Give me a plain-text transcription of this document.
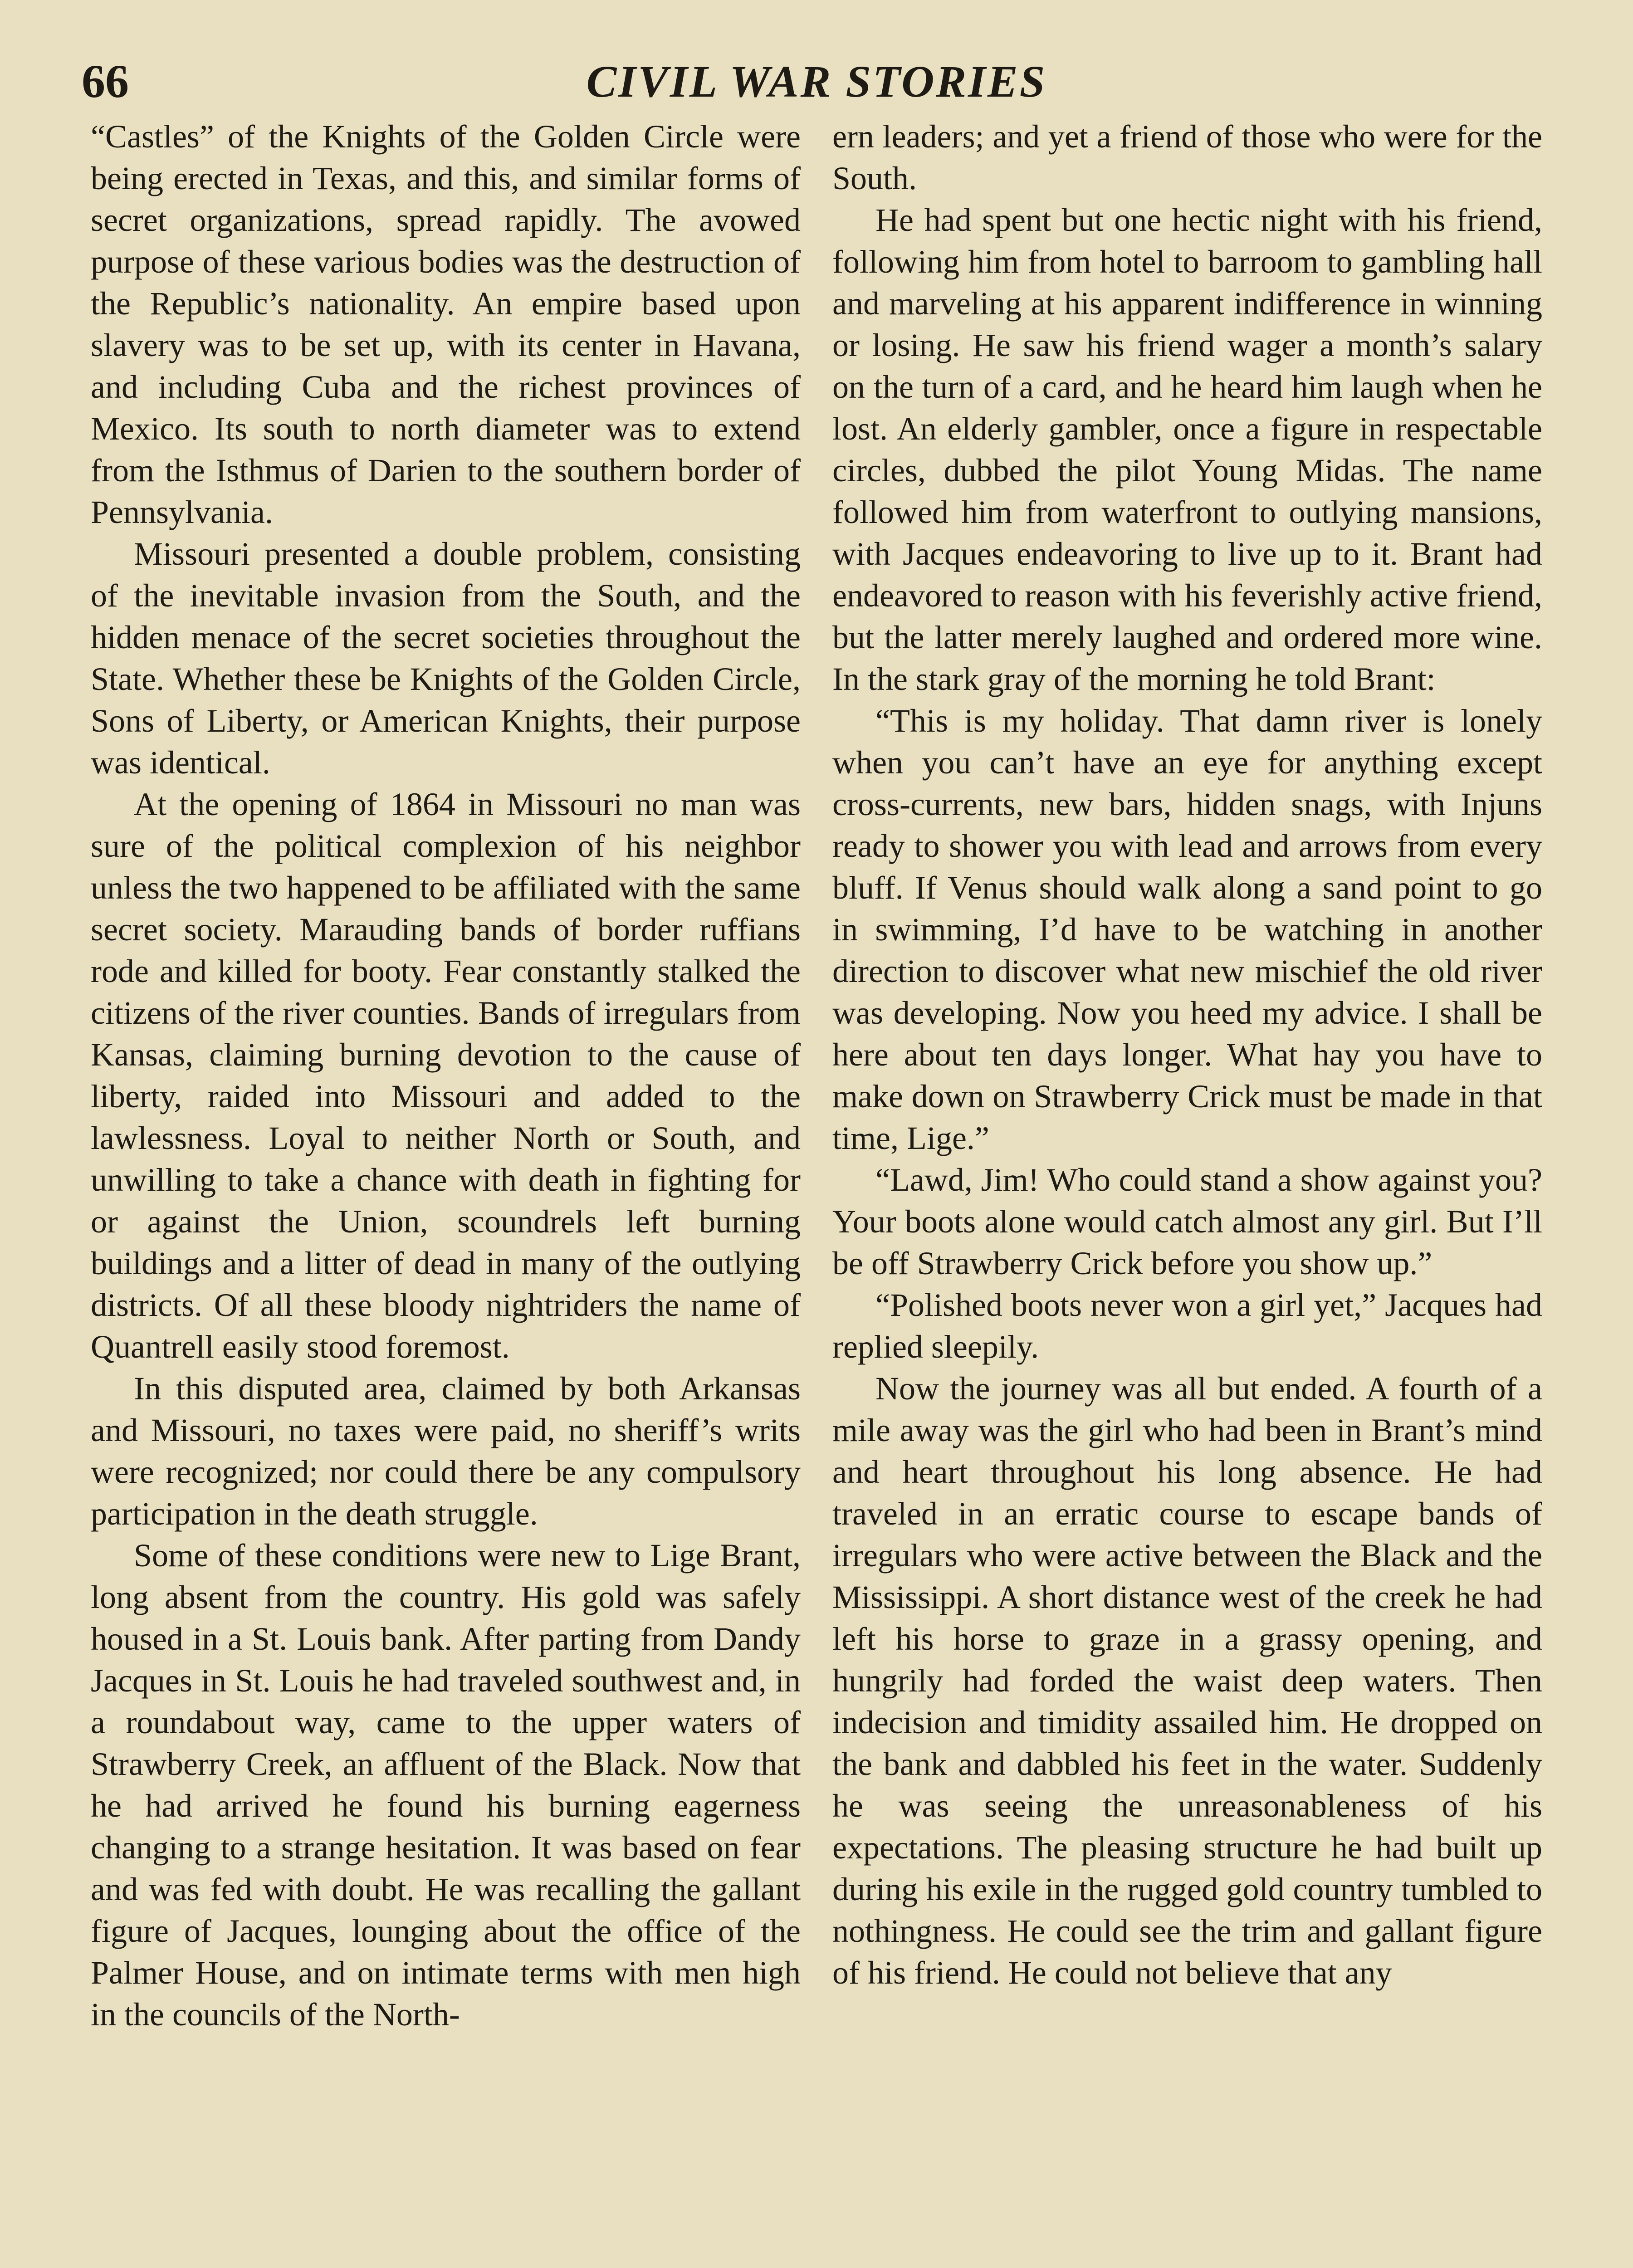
66	CIVIL WAR STORIES

“Castles” of the Knights of the Golden Circle were being erected in Texas, and this, and similar forms of secret organizations, spread rapidly. The avowed purpose of these various bodies was the destruction of the Republic’s nationality. An empire based upon slavery was to be set up, with its center in Havana, and including Cuba and the richest provinces of Mexico. Its south to north diameter was to extend from the Isthmus of Darien to the southern border of Pennsylvania.

Missouri presented a double problem, consisting of the inevitable invasion from the South, and the hidden menace of the secret societies throughout the State. Whether these be Knights of the Golden Circle, Sons of Liberty, or American Knights, their purpose was identical.

At the opening of 1864 in Missouri no man was sure of the political complexion of his neighbor unless the two happened to be affiliated with the same secret society. Marauding bands of border ruffians rode and killed for booty. Fear constantly stalked the citizens of the river counties. Bands of irregulars from Kansas, claiming burning devotion to the cause of liberty, raided into Missouri and added to the lawlessness. Loyal to neither North or South, and unwilling to take a chance with death in fighting for or against the Union, scoundrels left burning buildings and a litter of dead in many of the outlying districts. Of all these bloody nightriders the name of Quantrell easily stood foremost.

In this disputed area, claimed by both Arkansas and Missouri, no taxes were paid, no sheriff’s writs were recognized; nor could there be any compulsory participation in the death struggle.

Some of these conditions were new to Lige Brant, long absent from the country. His gold was safely housed in a St. Louis bank. After parting from Dandy Jacques in St. Louis he had traveled southwest and, in a roundabout way, came to the upper waters of Strawberry Creek, an affluent of the Black. Now that he had arrived he found his burning eagerness changing to a strange hesitation. It was based on fear and was fed with doubt. He was recalling the gallant figure of Jacques, lounging about the office of the Palmer House, and on intimate terms with men high in the councils of the North-

ern leaders; and yet a friend of those who were for the South.

He had spent but one hectic night with his friend, following him from hotel to barroom to gambling hall and marveling at his apparent indifference in winning or losing. He saw his friend wager a month’s salary on the turn of a card, and he heard him laugh when he lost. An elderly gambler, once a figure in respectable circles, dubbed the pilot Young Midas. The name followed him from waterfront to outlying mansions, with Jacques endeavoring to live up to it. Brant had endeavored to reason with his feverishly active friend, but the latter merely laughed and ordered more wine. In the stark gray of the morning he told Brant:

“This is my holiday. That damn river is lonely when you can’t have an eye for anything except cross-currents, new bars, hidden snags, with Injuns ready to shower you with lead and arrows from every bluff. If Venus should walk along a sand point to go in swimming, I’d have to be watching in another direction to discover what new mischief the old river was developing. Now you heed my advice. I shall be here about ten days longer. What hay you have to make down on Strawberry Crick must be made in that time, Lige.”

“Lawd, Jim! Who could stand a show against you? Your boots alone would catch almost any girl. But I’ll be off Strawberry Crick before you show up.”

“Polished boots never won a girl yet,” Jacques had replied sleepily.

Now the journey was all but ended. A fourth of a mile away was the girl who had been in Brant’s mind and heart throughout his long absence. He had traveled in an erratic course to escape bands of irregulars who were active between the Black and the Mississippi. A short distance west of the creek he had left his horse to graze in a grassy opening, and hungrily had forded the waist deep waters. Then indecision and timidity assailed him. He dropped on the bank and dabbled his feet in the water. Suddenly he was seeing the unreasonableness of his expectations. The pleasing structure he had built up during his exile in the rugged gold country tumbled to nothingness. He could see the trim and gallant figure of his friend. He could not believe that any
